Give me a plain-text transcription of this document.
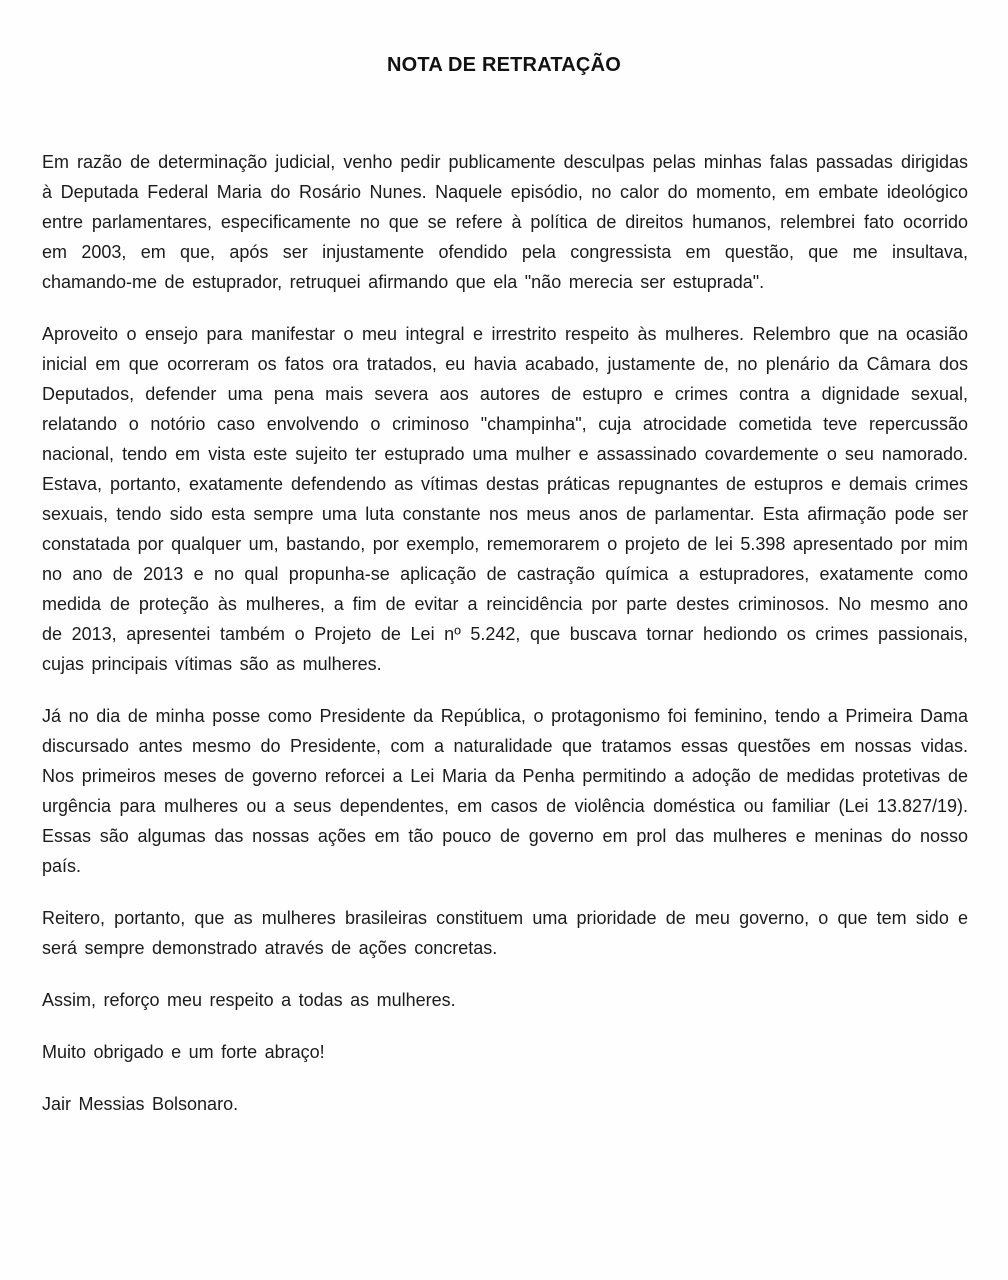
NOTA DE RETRATAÇÃO

Em razão de determinação judicial, venho pedir publicamente desculpas pelas minhas falas passadas dirigidas à Deputada Federal Maria do Rosário Nunes. Naquele episódio, no calor do momento, em embate ideológico entre parlamentares, especificamente no que se refere à política de direitos humanos, relembrei fato ocorrido em 2003, em que, após ser injustamente ofendido pela congressista em questão, que me insultava, chamando-me de estuprador, retruquei afirmando que ela "não merecia ser estuprada".

Aproveito o ensejo para manifestar o meu integral e irrestrito respeito às mulheres. Relembro que na ocasião inicial em que ocorreram os fatos ora tratados, eu havia acabado, justamente de, no plenário da Câmara dos Deputados, defender uma pena mais severa aos autores de estupro e crimes contra a dignidade sexual, relatando o notório caso envolvendo o criminoso "champinha", cuja atrocidade cometida teve repercussão nacional, tendo em vista este sujeito ter estuprado uma mulher e assassinado covardemente o seu namorado. Estava, portanto, exatamente defendendo as vítimas destas práticas repugnantes de estupros e demais crimes sexuais, tendo sido esta sempre uma luta constante nos meus anos de parlamentar. Esta afirmação pode ser constatada por qualquer um, bastando, por exemplo, rememorarem o projeto de lei 5.398 apresentado por mim no ano de 2013 e no qual propunha-se aplicação de castração química a estupradores, exatamente como medida de proteção às mulheres, a fim de evitar a reincidência por parte destes criminosos. No mesmo ano de 2013, apresentei também o Projeto de Lei nº 5.242, que buscava tornar hediondo os crimes passionais, cujas principais vítimas são as mulheres.

Já no dia de minha posse como Presidente da República, o protagonismo foi feminino, tendo a Primeira Dama discursado antes mesmo do Presidente, com a naturalidade que tratamos essas questões em nossas vidas. Nos primeiros meses de governo reforcei a Lei Maria da Penha permitindo a adoção de medidas protetivas de urgência para mulheres ou a seus dependentes, em casos de violência doméstica ou familiar (Lei 13.827/19). Essas são algumas das nossas ações em tão pouco de governo em prol das mulheres e meninas do nosso país.

Reitero, portanto, que as mulheres brasileiras constituem uma prioridade de meu governo, o que tem sido e será sempre demonstrado através de ações concretas.

Assim, reforço meu respeito a todas as mulheres.

Muito obrigado e um forte abraço!

Jair Messias Bolsonaro.
